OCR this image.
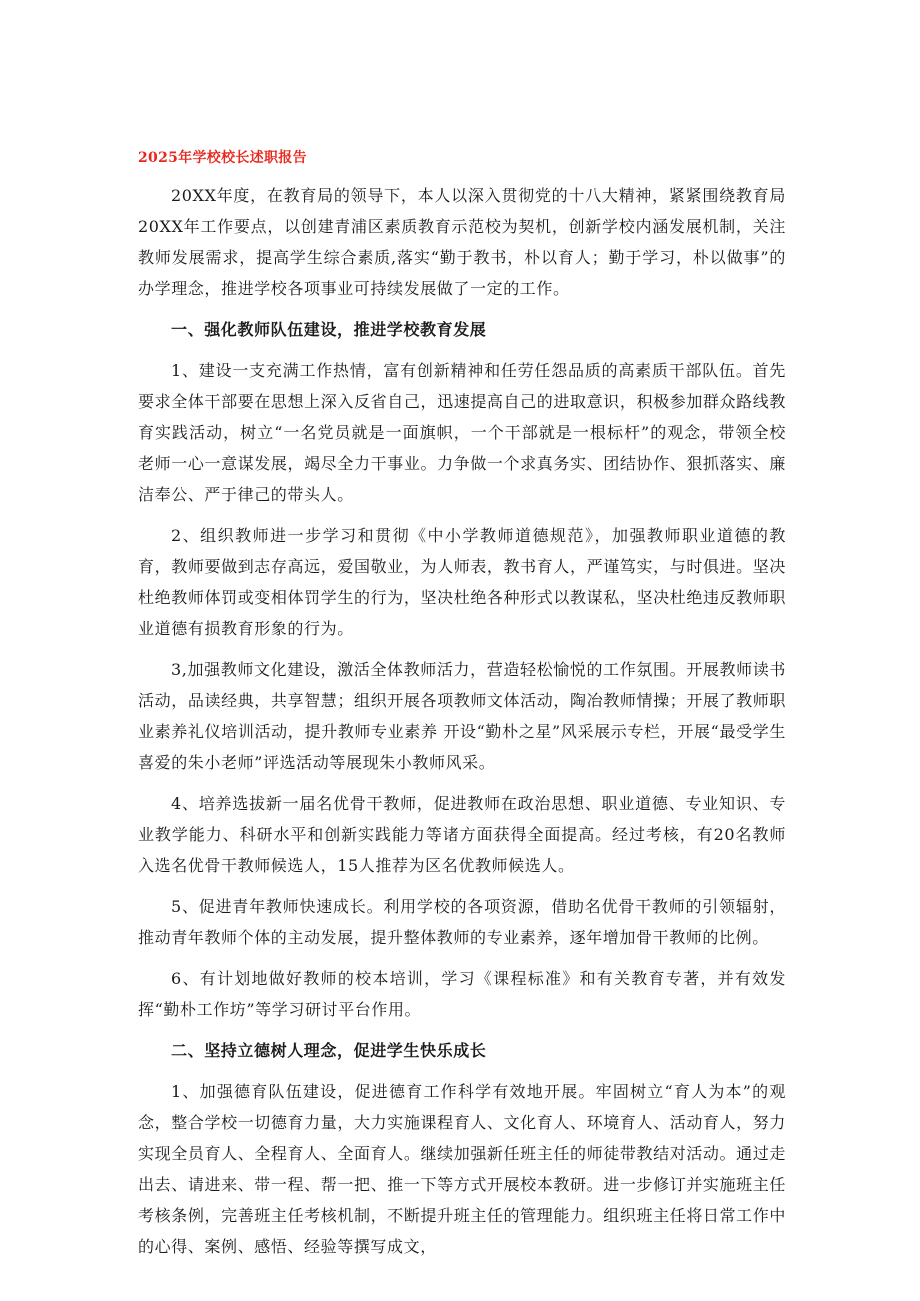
2025年学校校长述职报告

20XX年度，在教育局的领导下，本人以深入贯彻党的十八大精神，紧紧围绕教育局20XX年工作要点，以创建青浦区素质教育示范校为契机，创新学校内涵发展机制，关注教师发展需求，提高学生综合素质,落实“勤于教书，朴以育人；勤于学习，朴以做事”的办学理念，推进学校各项事业可持续发展做了一定的工作。

一、强化教师队伍建设，推进学校教育发展

1、建设一支充满工作热情，富有创新精神和任劳任怨品质的高素质干部队伍。首先要求全体干部要在思想上深入反省自己，迅速提高自己的进取意识，积极参加群众路线教育实践活动，树立“一名党员就是一面旗帜，一个干部就是一根标杆”的观念，带领全校老师一心一意谋发展，竭尽全力干事业。力争做一个求真务实、团结协作、狠抓落实、廉洁奉公、严于律己的带头人。

2、组织教师进一步学习和贯彻《中小学教师道德规范》，加强教师职业道德的教育，教师要做到志存高远，爱国敬业，为人师表，教书育人，严谨笃实，与时俱进。坚决杜绝教师体罚或变相体罚学生的行为，坚决杜绝各种形式以教谋私，坚决杜绝违反教师职业道德有损教育形象的行为。

3,加强教师文化建设，激活全体教师活力，营造轻松愉悦的工作氛围。开展教师读书活动，品读经典，共享智慧；组织开展各项教师文体活动，陶冶教师情操；开展了教师职业素养礼仪培训活动，提升教师专业素养 开设“勤朴之星”风采展示专栏，开展“最受学生喜爱的朱小老师”评选活动等展现朱小教师风采。

4、培养选拔新一届名优骨干教师，促进教师在政治思想、职业道德、专业知识、专业教学能力、科研水平和创新实践能力等诸方面获得全面提高。经过考核，有20名教师入选名优骨干教师候选人，15人推荐为区名优教师候选人。

5、促进青年教师快速成长。利用学校的各项资源，借助名优骨干教师的引领辐射，推动青年教师个体的主动发展，提升整体教师的专业素养，逐年增加骨干教师的比例。

6、有计划地做好教师的校本培训，学习《课程标准》和有关教育专著，并有效发挥“勤朴工作坊”等学习研讨平台作用。

二、坚持立德树人理念，促进学生快乐成长

1、加强德育队伍建设，促进德育工作科学有效地开展。牢固树立“育人为本”的观念，整合学校一切德育力量，大力实施课程育人、文化育人、环境育人、活动育人，努力实现全员育人、全程育人、全面育人。继续加强新任班主任的师徒带教结对活动。通过走出去、请进来、带一程、帮一把、推一下等方式开展校本教研。进一步修订并实施班主任考核条例，完善班主任考核机制，不断提升班主任的管理能力。组织班主任将日常工作中的心得、案例、感悟、经验等撰写成文，
